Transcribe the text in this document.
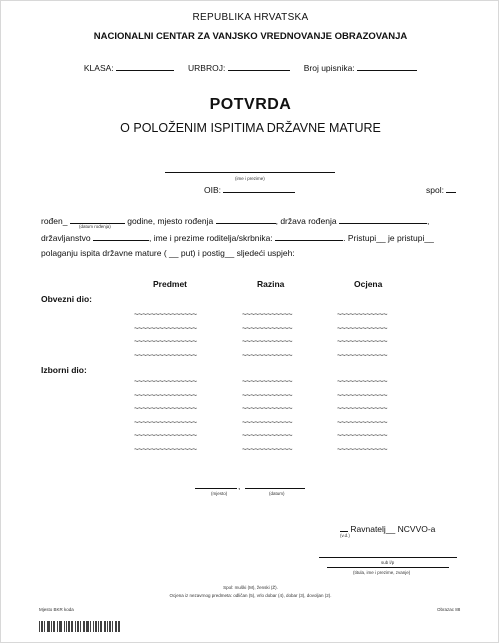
REPUBLIKA HRVATSKA
NACIONALNI CENTAR ZA VANJSKO VREDNOVANJE OBRAZOVANJA
KLASA:	URBROJ:	Broj upisnika:
POTVRDA
O POLOŽENIM ISPITIMA DRŽAVNE MATURE
(ime i prezime)
OIB:	spol:
rođen_	godine, mjesto rođenja	, država rođenja	,
(datum rođenja)
državljanstvo	, ime i prezime roditelja/skrbnika:	. Pristupi__ je pristupi__
polaganju ispita državne mature ( __ put) i postig__ sljedeći uspjeh:
Predmet	Razina	Ocjena
Obvezni dio:
~~~~~~~~~~~~~~~	~~~~~~~~~~~~	~~~~~~~~~~~~
~~~~~~~~~~~~~~~	~~~~~~~~~~~~	~~~~~~~~~~~~
~~~~~~~~~~~~~~~	~~~~~~~~~~~~	~~~~~~~~~~~~
~~~~~~~~~~~~~~~	~~~~~~~~~~~~	~~~~~~~~~~~~
Izborni dio:
~~~~~~~~~~~~~~~	~~~~~~~~~~~~	~~~~~~~~~~~~
~~~~~~~~~~~~~~~	~~~~~~~~~~~~	~~~~~~~~~~~~
~~~~~~~~~~~~~~~	~~~~~~~~~~~~	~~~~~~~~~~~~
~~~~~~~~~~~~~~~	~~~~~~~~~~~~	~~~~~~~~~~~~
~~~~~~~~~~~~~~~	~~~~~~~~~~~~	~~~~~~~~~~~~
~~~~~~~~~~~~~~~	~~~~~~~~~~~~	~~~~~~~~~~~~
,
(mjesto)	(datum)
Ravnatelj__ NCVVO-a
(v.d.)
sub l/p
(titula, ime i prezime, zvanje)
Spol: muški (M), ženski (Ž).
Ocjena iz nezavrnog predmeta: odličan (5), vrlo dobar (4), dobar (3), dovoljan (2).
Mjesto BKR koda	Obrazac 88
